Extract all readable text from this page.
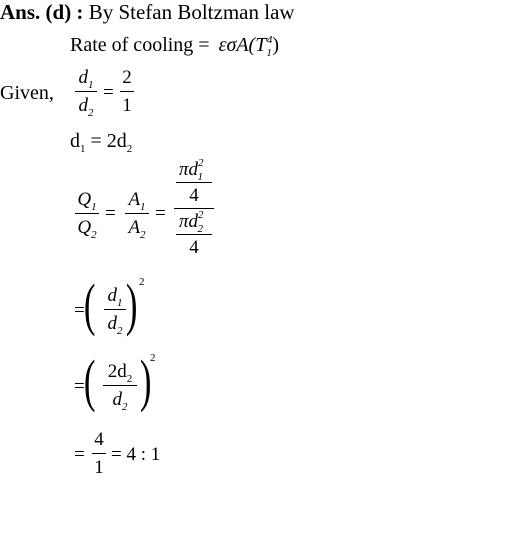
Ans. (d) : By Stefan Boltzman law
Rate of cooling = $\varepsilon\sigma A(T_1^4)$
Given,
$d_1$
$d_2$
=
2
1
$d_1 = 2d_2$
$Q_1$
$Q_2$
=
$A_1$
$A_2$
=
$\pi d_{21}$
4
$\pi d_{22}$
4
= ( $d_1$
$d_2$ ) 2
= ( $2d_2$
$d_2$ )
2
=
4
1
= 4 : 1
